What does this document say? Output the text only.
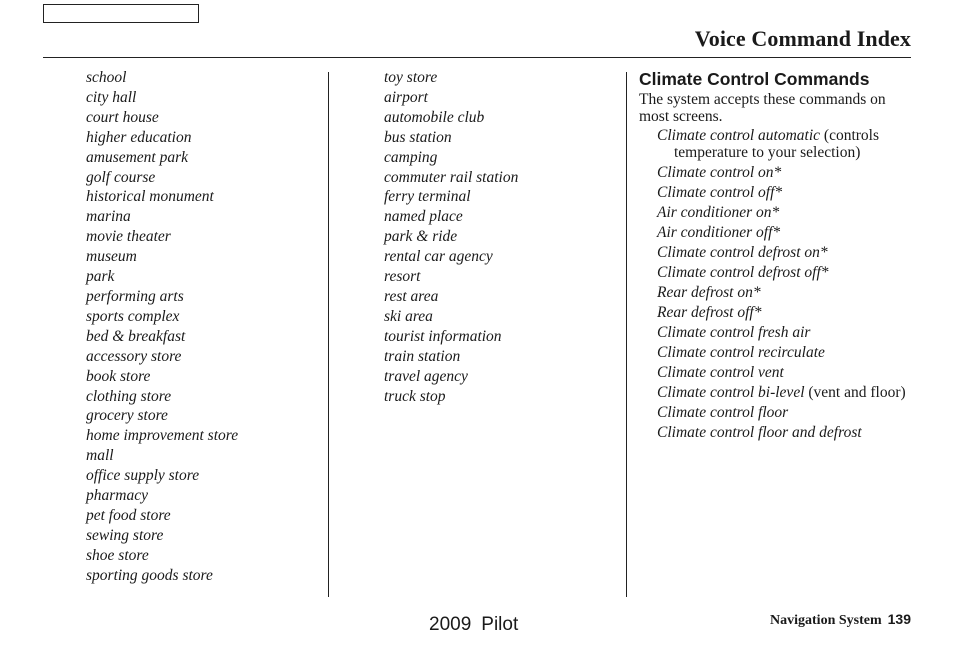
Voice Command Index
school
city hall
court house
higher education
amusement park
golf course
historical monument
marina
movie theater
museum
park
performing arts
sports complex
bed & breakfast
accessory store
book store
clothing store
grocery store
home improvement store
mall
office supply store
pharmacy
pet food store
sewing store
shoe store
sporting goods store
toy store
airport
automobile club
bus station
camping
commuter rail station
ferry terminal
named place
park & ride
rental car agency
resort
rest area
ski area
tourist information
train station
travel agency
truck stop
Climate Control Commands
The system accepts these commands on most screens.
Climate control automatic (controls temperature to your selection)
Climate control on*
Climate control off*
Air conditioner on*
Air conditioner off*
Climate control defrost on*
Climate control defrost off*
Rear defrost on*
Rear defrost off*
Climate control fresh air
Climate control recirculate
Climate control vent
Climate control bi-level (vent and floor)
Climate control floor
Climate control floor and defrost
2009 Pilot	Navigation System 139
